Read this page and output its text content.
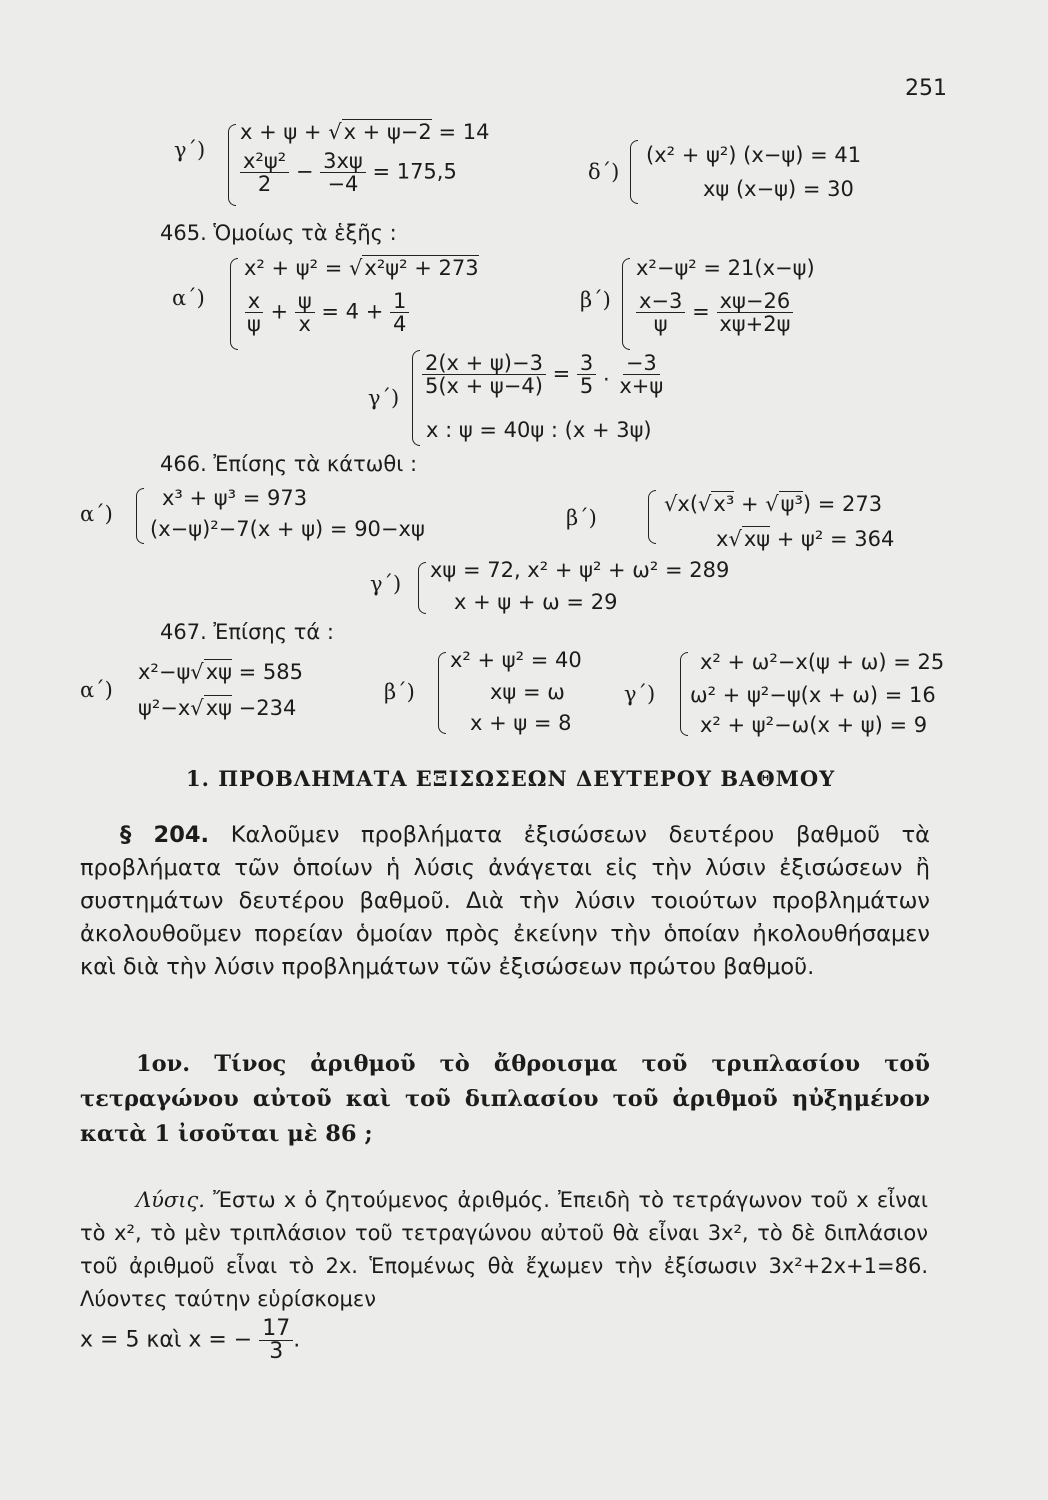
251
γ΄)
x + ψ + √x + ψ−2 = 14
$\frac{\text{x²ψ²}}{2} - \frac{3x\psi}{-4} = 175,5$	δ΄)
(x² + ψ²) (x−ψ) = 41
xψ (x−ψ) = 30
465. Ὁμοίως τὰ ἑξῆς :
α΄)
x² + ψ² = √x²ψ² + 273
$\frac{x}{\psi} + \frac{\psi}{x} = 4 + \frac{1}{4}$	β΄)
x²−ψ² = 21(x−ψ)
$\frac{x-3}{\psi} = \frac{x\psi-26}{x\psi+2\psi}$
γ΄)
$\frac{2(x + \psi)-3}{5(x + \psi-4)} = \frac{3}{5}$ . $\frac{-3}{x+\psi}$
x : ψ = 40ψ : (x + 3ψ)
466. Ἐπίσης τὰ κάτωθι :
α΄)
x³ + ψ³ = 973
(x−ψ)²−7(x + ψ) = 90−xψ	β΄)
√x(√x³ + √ψ³) = 273
x√xψ + ψ² = 364
γ΄)
xψ = 72, x² + ψ² + ω² = 289
x + ψ + ω = 29
467. Ἐπίσης τά :
α΄)
x²−ψ√xψ = 585
ψ²−x√xψ −234
β΄)
x² + ψ² = 40
xψ = ω
x + ψ = 8
γ΄)
x² + ω²−x(ψ + ω) = 25
ω² + ψ²−ψ(x + ω) = 16
x² + ψ²−ω(x + ψ) = 9
1. ΠΡΟΒΛΗΜΑΤΑ ΕΞΙΣΩΣΕΩΝ ΔΕΥΤΕΡΟΥ ΒΑΘΜΟΥ
§ 204. Καλοῦμεν προβλήματα ἐξισώσεων δευτέρου βαθμοῦ τὰ προβλήματα τῶν ὁποίων ἡ λύσις ἀνάγεται εἰς τὴν λύσιν ἐξισώσεων ἢ συστημάτων δευτέρου βαθμοῦ. Διὰ τὴν λύσιν τοιούτων προβλημάτων ἀκολουθοῦμεν πορείαν ὁμοίαν πρὸς ἐκείνην τὴν ὁποίαν ἠκολουθήσαμεν καὶ διὰ τὴν λύσιν προβλημάτων τῶν ἐξισώσεων πρώτου βαθμοῦ.
1ον. Τίνος ἀριθμοῦ τὸ ἄθροισμα τοῦ τριπλασίου τοῦ τετραγώνου αὐτοῦ καὶ τοῦ διπλασίου τοῦ ἀριθμοῦ ηὐξημένον κατὰ 1 ἰσοῦται μὲ 86 ;
Λύσις. Ἔστω x ὁ ζητούμενος ἀριθμός. Ἐπειδὴ τὸ τετράγωνον τοῦ x εἶναι τὸ x², τὸ μὲν τριπλάσιον τοῦ τετραγώνου αὐτοῦ θὰ εἶναι 3x², τὸ δὲ διπλάσιον τοῦ ἀριθμοῦ εἶναι τὸ 2x. Ἑπομένως θὰ ἔχωμεν τὴν ἐξίσωσιν 3x²+2x+1=86. Λύοντες ταύτην εὑρίσκομεν
x = 5 καὶ x = − $\frac{17}{3}$ .
